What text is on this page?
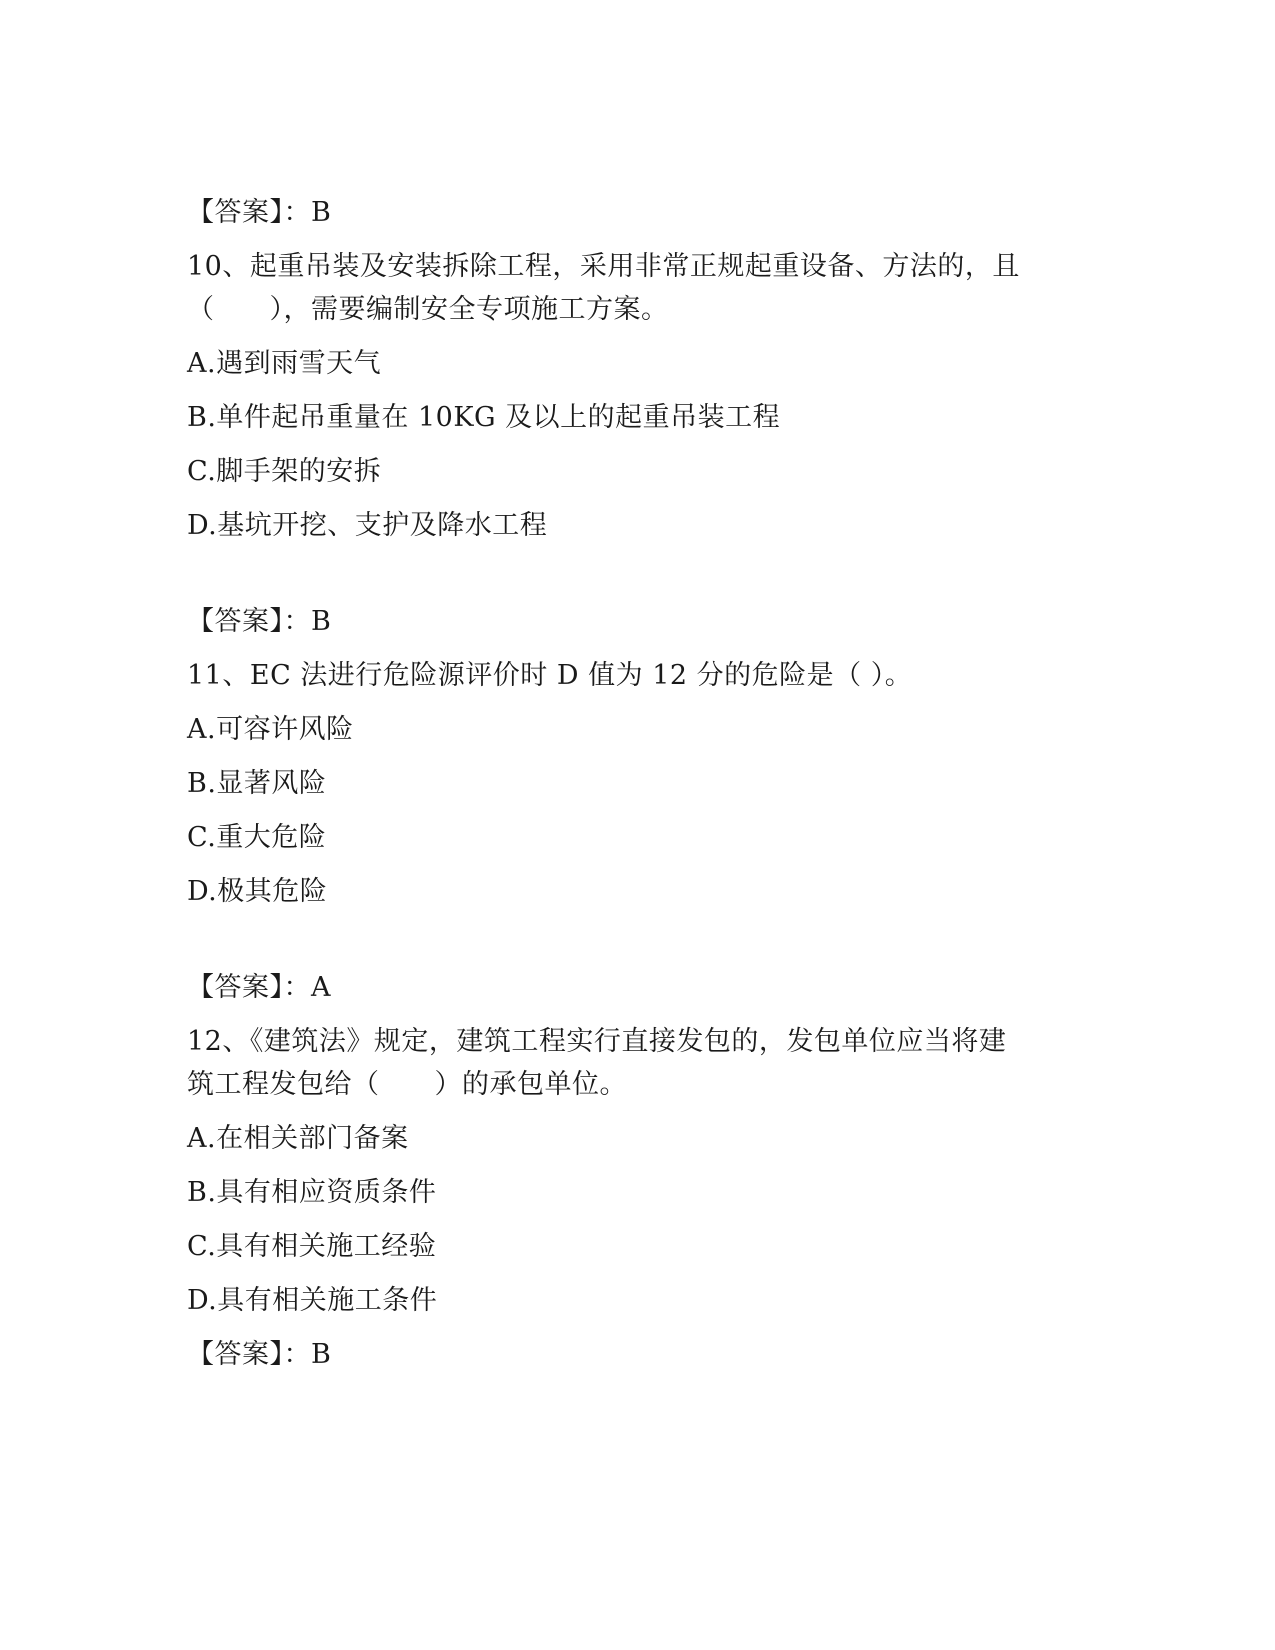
【答案】：B
10、起重吊装及安装拆除工程，采用非常正规起重设备、方法的，且
（　　），需要编制安全专项施工方案。
A.遇到雨雪天气
B.单件起吊重量在 10KG 及以上的起重吊装工程
C.脚手架的安拆
D.基坑开挖、支护及降水工程
【答案】：B
11、EC 法进行危险源评价时 D 值为 12 分的危险是（ ）。
A.可容许风险
B.显著风险
C.重大危险
D.极其危险
【答案】：A
12、《建筑法》规定，建筑工程实行直接发包的，发包单位应当将建
筑工程发包给（　　）的承包单位。
A.在相关部门备案
B.具有相应资质条件
C.具有相关施工经验
D.具有相关施工条件
【答案】：B
